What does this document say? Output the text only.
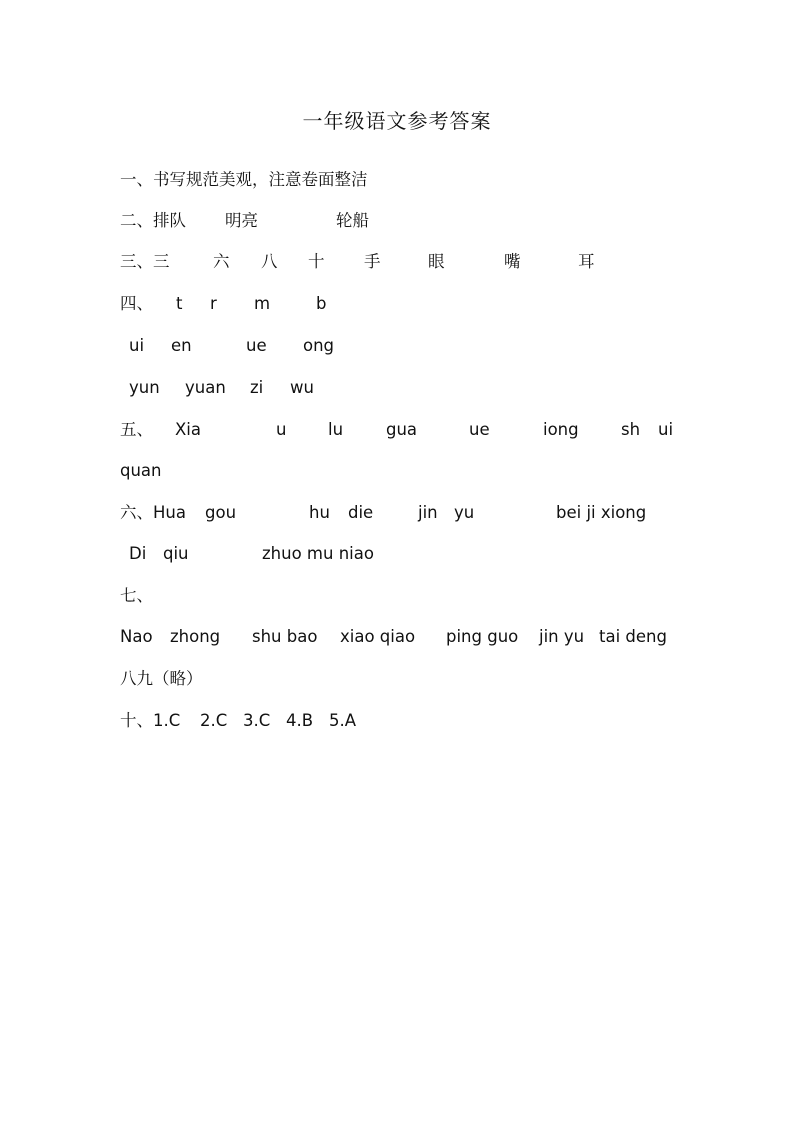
一年级语文参考答案
一、书写规范美观，注意卷面整洁
二、排队 明亮	轮船
三、三	六 八 十 手	眼	嘴	耳
四、 t r m	b
ui en	ue ong
yun yuan zi wu
五、 Xia	u	lu	gua	ue	iong	sh ui
quan
六、Hua gou	hu die	jin yu	bei ji xiong
Di qiu	zhuo mu niao
七、
Nao zhong shu bao xiao qiao ping guo jin yu tai deng
八九（略）
十、1.C 2.C 3.C 4.B 5.A
